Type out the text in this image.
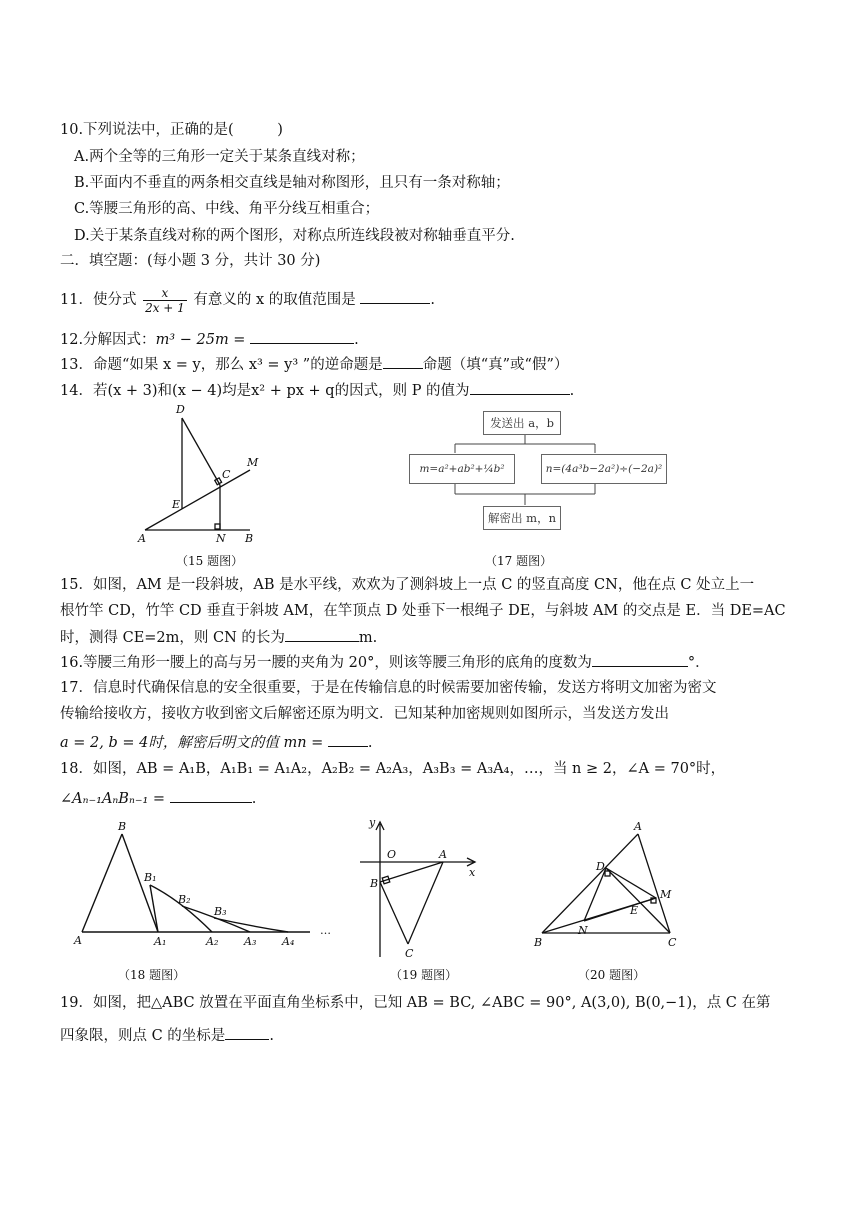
10.下列说法中，正确的是(　　　)
A.两个全等的三角形一定关于某条直线对称；
B.平面内不垂直的两条相交直线是轴对称图形，且只有一条对称轴；
C.等腰三角形的高、中线、角平分线互相重合；
D.关于某条直线对称的两个图形，对称点所连线段被对称轴垂直平分.
二．填空题：(每小题 3 分，共计 30 分)
11．使分式 $\frac{x}{2x + 1}$ 有意义的 x 的取值范围是	.
12.分解因式：m³ − 25m =	.
13．命题“如果 x = y，那么 x³ = y³ ”的逆命题是	命题（填“真”或“假”）
14．若(x + 3)和(x − 4)均是x² + px + q的因式，则 P 的值为	.
D
M
C
E
A	N B
（15 题图）
发送出 a，b
m=a²+ab²+¼b²	n=(4a³b−2a²)÷(−2a)²
解密出 m，n
（17 题图）
15．如图，AM 是一段斜坡，AB 是水平线，欢欢为了测斜坡上一点 C 的竖直高度 CN，他在点 C 处立上一
根竹竿 CD，竹竿 CD 垂直于斜坡 AM，在竿顶点 D 处垂下一根绳子 DE，与斜坡 AM 的交点是 E．当 DE=AC
时，测得 CE=2m，则 CN 的长为	m.
16.等腰三角形一腰上的高与另一腰的夹角为 20°，则该等腰三角形的底角的度数为	°．
17．信息时代确保信息的安全很重要，于是在传输信息的时候需要加密传输，发送方将明文加密为密文
传输给接收方，接收方收到密文后解密还原为明文．已知某种加密规则如图所示，当发送方发出
a = 2, b = 4时，解密后明文的值 mn =	.
18．如图，AB = A₁B，A₁B₁ = A₁A₂，A₂B₂ = A₂A₃，A₃B₃ = A₃A₄，…，当 n ≥ 2，∠A = 70°时，
∠Aₙ₋₁AₙBₙ₋₁ =	.
B
B₁
B₂
B₃
A	A₁	A₂ A₃ A₄
…
（18 题图）
y
O	A
x
B
C
（19 题图）
A
D
M
E
N
B	C
（20 题图）
19．如图，把△ABC 放置在平面直角坐标系中，已知 AB = BC, ∠ABC = 90°, A(3,0), B(0,−1)，点 C 在第
四象限，则点 C 的坐标是	.
